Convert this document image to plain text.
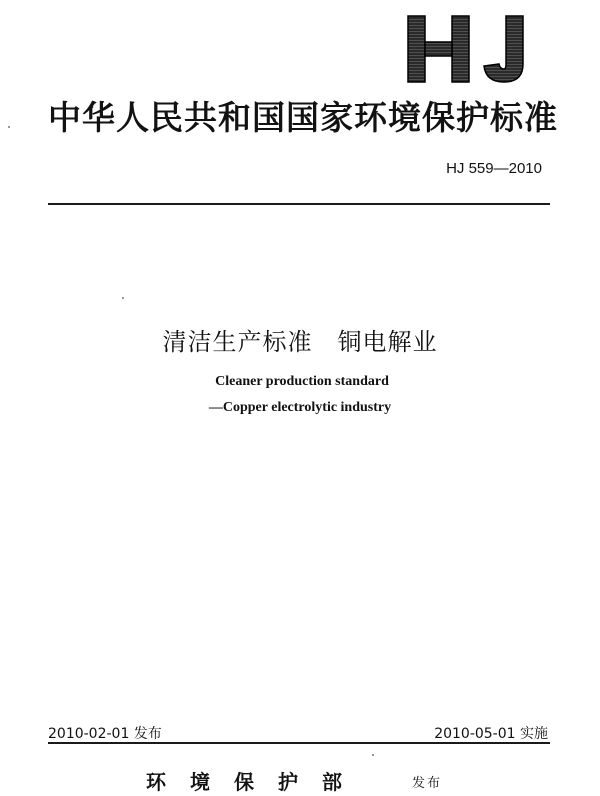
中华人民共和国国家环境保护标准
HJ 559—2010
清洁生产标准　铜电解业
Cleaner production standard
—Copper electrolytic industry
2010-02-01 发布	2010-05-01 实施
环境保护部	发布
